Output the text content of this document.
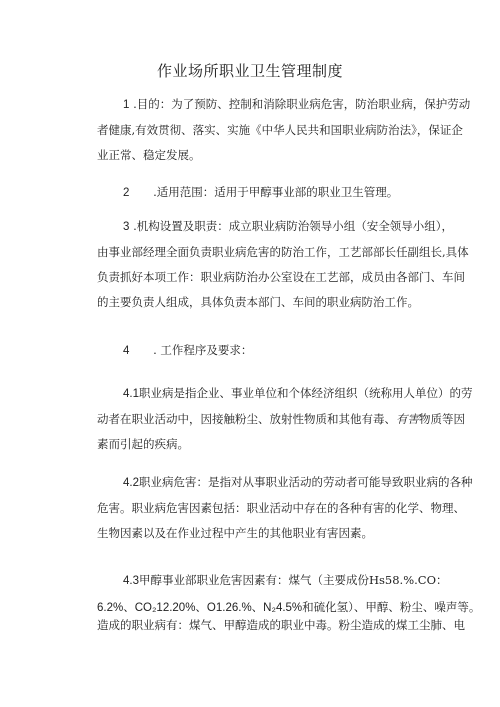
作业场所职业卫生管理制度
1 .目的：为了预防、控制和消除职业病危害，防治职业病，保护劳动
者健康,有效贯彻、落实、实施《中华人民共和国职业病防治法》，保证企
业正常、稳定发展。
2 .适用范围：适用于甲醇事业部的职业卫生管理。
3 .机构设置及职责：成立职业病防治领导小组（安全领导小组），
由事业部经理全面负责职业病危害的防治工作，工艺部部长任副组长,具体
负责抓好本项工作：职业病防治办公室设在工艺部，成员由各部门、车间
的主要负责人组成，具体负责本部门、车间的职业病防治工作。
4 . 工作程序及要求：
4.1职业病是指企业、事业单位和个体经济组织（统称用人单位）的劳
动者在职业活动中，因接触粉尘、放射性物质和其他有毒、有害物质等因
素而引起的疾病。
4.2职业病危害：是指对从事职业活动的劳动者可能导致职业病的各种
危害。职业病危害因素包括：职业活动中存在的各种有害的化学、物理、
生物因素以及在作业过程中产生的其他职业有害因素。
4.3甲醇事业部职业危害因素有：煤气（主要成份Hs58.%.CO：
6.2%、CO₂12.20%、O1.26.%、N₂4.5%和硫化氢）、甲醇、粉尘、噪声等。
造成的职业病有：煤气、甲醇造成的职业中毒。粉尘造成的煤工尘肺、电
